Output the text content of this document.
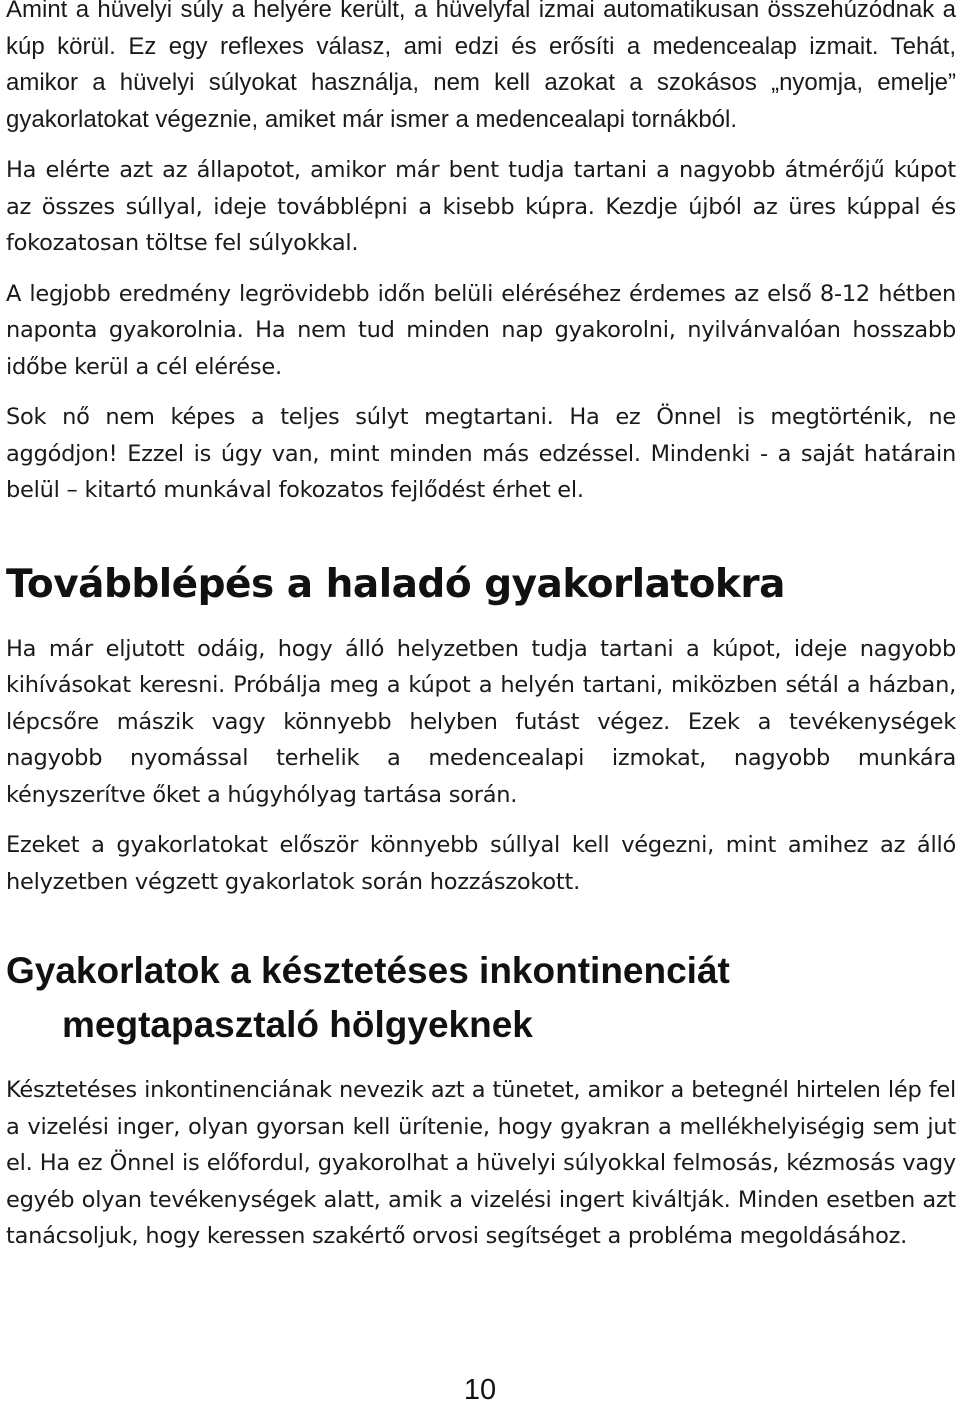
Amint a hüvelyi súly a helyére került, a hüvelyfal izmai automatikusan összehúzódnak a kúp körül. Ez egy reflexes válasz, ami edzi és erősíti a medencealap izmait. Tehát, amikor a hüvelyi súlyokat használja, nem kell azokat a szokásos „nyomja, emelje” gyakorlatokat végeznie, amiket már ismer a medencealapi tornákból.

Ha elérte azt az állapotot, amikor már bent tudja tartani a nagyobb átmérőjű kúpot az összes súllyal, ideje továbblépni a kisebb kúpra. Kezdje újból az üres kúppal és fokozatosan töltse fel súlyokkal.

A legjobb eredmény legrövidebb időn belüli eléréséhez érdemes az első 8-12 hétben naponta gyakorolnia. Ha nem tud minden nap gyakorolni, nyilvánvalóan hosszabb időbe kerül a cél elérése.

Sok nő nem képes a teljes súlyt megtartani. Ha ez Önnel is megtörténik, ne aggódjon! Ezzel is úgy van, mint minden más edzéssel. Mindenki - a saját határain belül – kitartó munkával fokozatos fejlődést érhet el.

Továbblépés a haladó gyakorlatokra

Ha már eljutott odáig, hogy álló helyzetben tudja tartani a kúpot, ideje nagyobb kihívásokat keresni. Próbálja meg a kúpot a helyén tartani, miközben sétál a házban, lépcsőre mászik vagy könnyebb helyben futást végez. Ezek a tevékenységek nagyobb nyomással terhelik a medencealapi izmokat, nagyobb munkára kényszerítve őket a húgyhólyag tartása során.

Ezeket a gyakorlatokat először könnyebb súllyal kell végezni, mint amihez az álló helyzetben végzett gyakorlatok során hozzászokott.

Gyakorlatok a késztetéses inkontinenciát
megtapasztaló hölgyeknek

Késztetéses inkontinenciának nevezik azt a tünetet, amikor a betegnél hirtelen lép fel a vizelési inger, olyan gyorsan kell ürítenie, hogy gyakran a mellékhelyiségig sem jut el. Ha ez Önnel is előfordul, gyakorolhat a hüvelyi súlyokkal felmosás, kézmosás vagy egyéb olyan tevékenységek alatt, amik a vizelési ingert kiváltják. Minden esetben azt tanácsoljuk, hogy keressen szakértő orvosi segítséget a probléma megoldásához.

10
